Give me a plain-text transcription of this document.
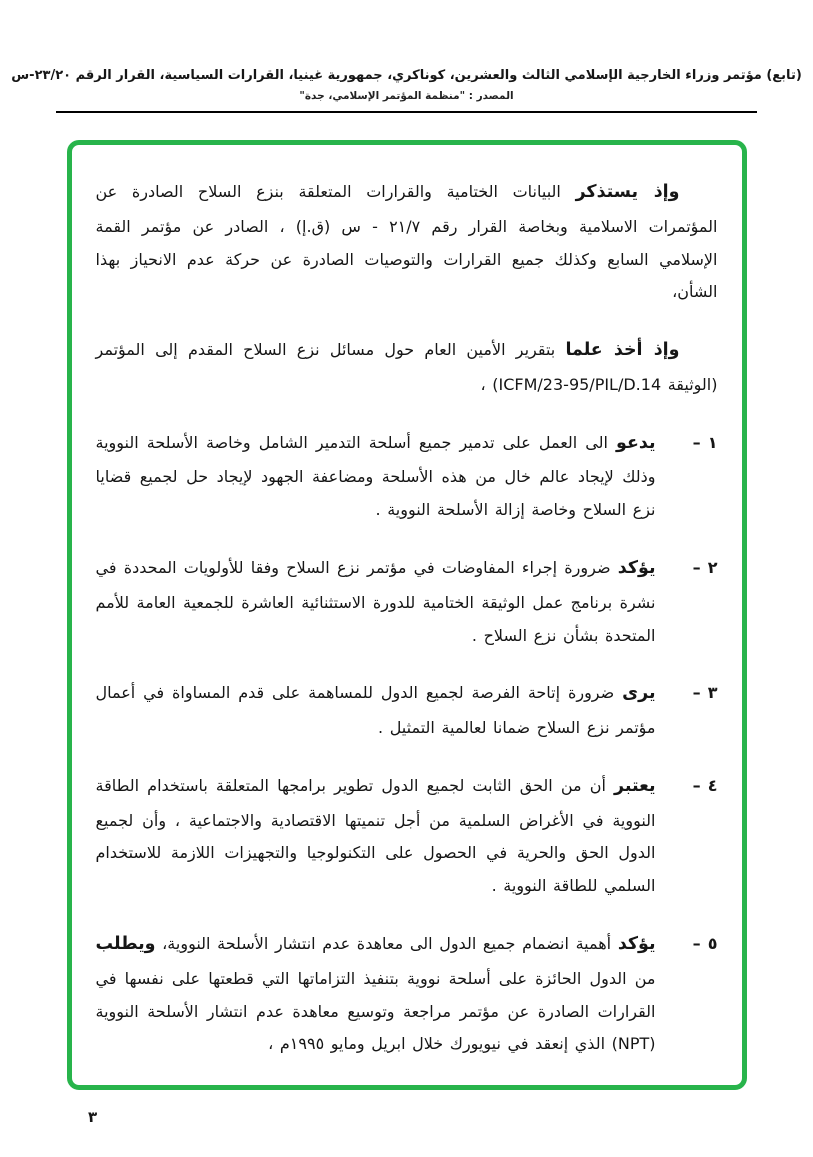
(تابع) مؤتمر وزراء الخارجية الإسلامي الثالث والعشرين، كوناكري، جمهورية غينيا، القرارات السياسية، القرار الرقم ٢٣/٢٠-س
المصدر : "منظمة المؤتمر الإسلامي، جدة"

وإذ يستذكر البيانات الختامية والقرارات المتعلقة بنزع السلاح الصادرة عن المؤتمرات الاسلامية وبخاصة القرار رقم ٢١/٧ - س (ق.إ) ، الصادر عن مؤتمر القمة الإسلامي السابع وكذلك جميع القرارات والتوصيات الصادرة عن حركة عدم الانحياز بهذا الشأن،

وإذ أخذ علما بتقرير الأمين العام حول مسائل نزع السلاح المقدم إلى المؤتمر (الوثيقة ICFM/23-95/PIL/D.14) ،

١ –
يدعو الى العمل على تدمير جميع أسلحة التدمير الشامل وخاصة الأسلحة النووية وذلك لإيجاد عالم خال من هذه الأسلحة ومضاعفة الجهود لإيجاد حل لجميع قضايا نزع السلاح وخاصة إزالة الأسلحة النووية .
٢ –
يؤكد ضرورة إجراء المفاوضات في مؤتمر نزع السلاح وفقا للأولويات المحددة في نشرة برنامج عمل الوثيقة الختامية للدورة الاستثنائية العاشرة للجمعية العامة للأمم المتحدة بشأن نزع السلاح .
٣ –
يرى ضرورة إتاحة الفرصة لجميع الدول للمساهمة على قدم المساواة في أعمال مؤتمر نزع السلاح ضمانا لعالمية التمثيل .
٤ –
يعتبر أن من الحق الثابت لجميع الدول تطوير برامجها المتعلقة باستخدام الطاقة النووية في الأغراض السلمية من أجل تنميتها الاقتصادية والاجتماعية ، وأن لجميع الدول الحق والحرية في الحصول على التكنولوجيا والتجهيزات اللازمة للاستخدام السلمي للطاقة النووية .
٥ –
يؤكد أهمية انضمام جميع الدول الى معاهدة عدم انتشار الأسلحة النووية، ويطلب من الدول الحائزة على أسلحة نووية بتنفيذ التزاماتها التي قطعتها على نفسها في القرارات الصادرة عن مؤتمر مراجعة وتوسيع معاهدة عدم انتشار الأسلحة النووية (NPT) الذي إنعقد في نيويورك خلال ابريل ومايو ١٩٩٥م ،
٣
